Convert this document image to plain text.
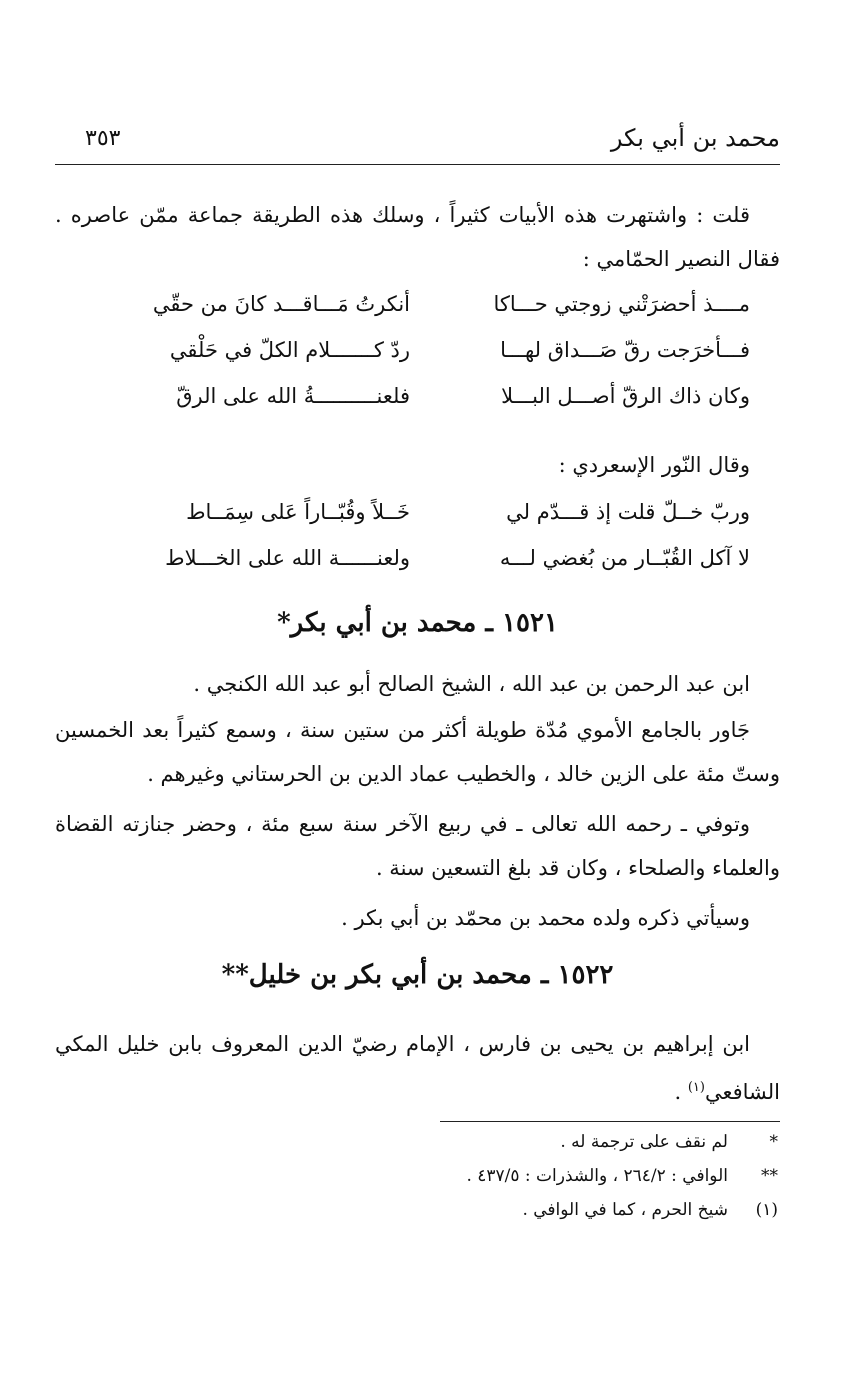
محمد بن أبي بكر
٣٥٣
قلت : واشتهرت هذه الأبيات كثيراً ، وسلك هذه الطريقة جماعة ممّن عاصره . فقال النصير الحمّامي :
مــــذ أحضرَتْني زوجتي حـــاكا
أنكرتُ مَـــاقـــد كانَ من حقّي
فـــأخرَجت رقّ صَـــداق لهـــا
ردّ كـــــــلام الكلّ في حَلْقي
وكان ذاك الرقّ أصـــل البـــلا
فلعنــــــــــةُ الله على الرقّ
وقال النّور الإسعردي :
وربّ خــلّ قلت إذ قـــدّم لي
خَــلاً وقُبّــاراً عَلى سِمَــاط
لا آكل القُبّــار من بُغضي لـــه
ولعنــــــة الله على الخـــلاط
١٥٢١ ـ محمد بن أبي بكر*
ابن عبد الرحمن بن عبد الله ، الشيخ الصالح أبو عبد الله الكنجي .
جَاور بالجامع الأموي مُدّة طويلة أكثر من ستين سنة ، وسمع كثيراً بعد الخمسين وستّ مئة على الزين خالد ، والخطيب عماد الدين بن الحرستاني وغيرهم .
وتوفي ـ رحمه الله تعالى ـ في ربيع الآخر سنة سبع مئة ، وحضر جنازته القضاة والعلماء والصلحاء ، وكان قد بلغ التسعين سنة .
وسيأتي ذكره ولده محمد بن محمّد بن أبي بكر .
١٥٢٢ ـ محمد بن أبي بكر بن خليل**
ابن إبراهيم بن يحيى بن فارس ، الإمام رضيّ الدين المعروف بابن خليل المكي الشافعي$^{(١)}$ .
*
لم نقف على ترجمة له .
**
الوافي : ٢٦٤/٢ ، والشذرات : ٤٣٧/٥ .
(١)
شيخ الحرم ، كما في الوافي .
